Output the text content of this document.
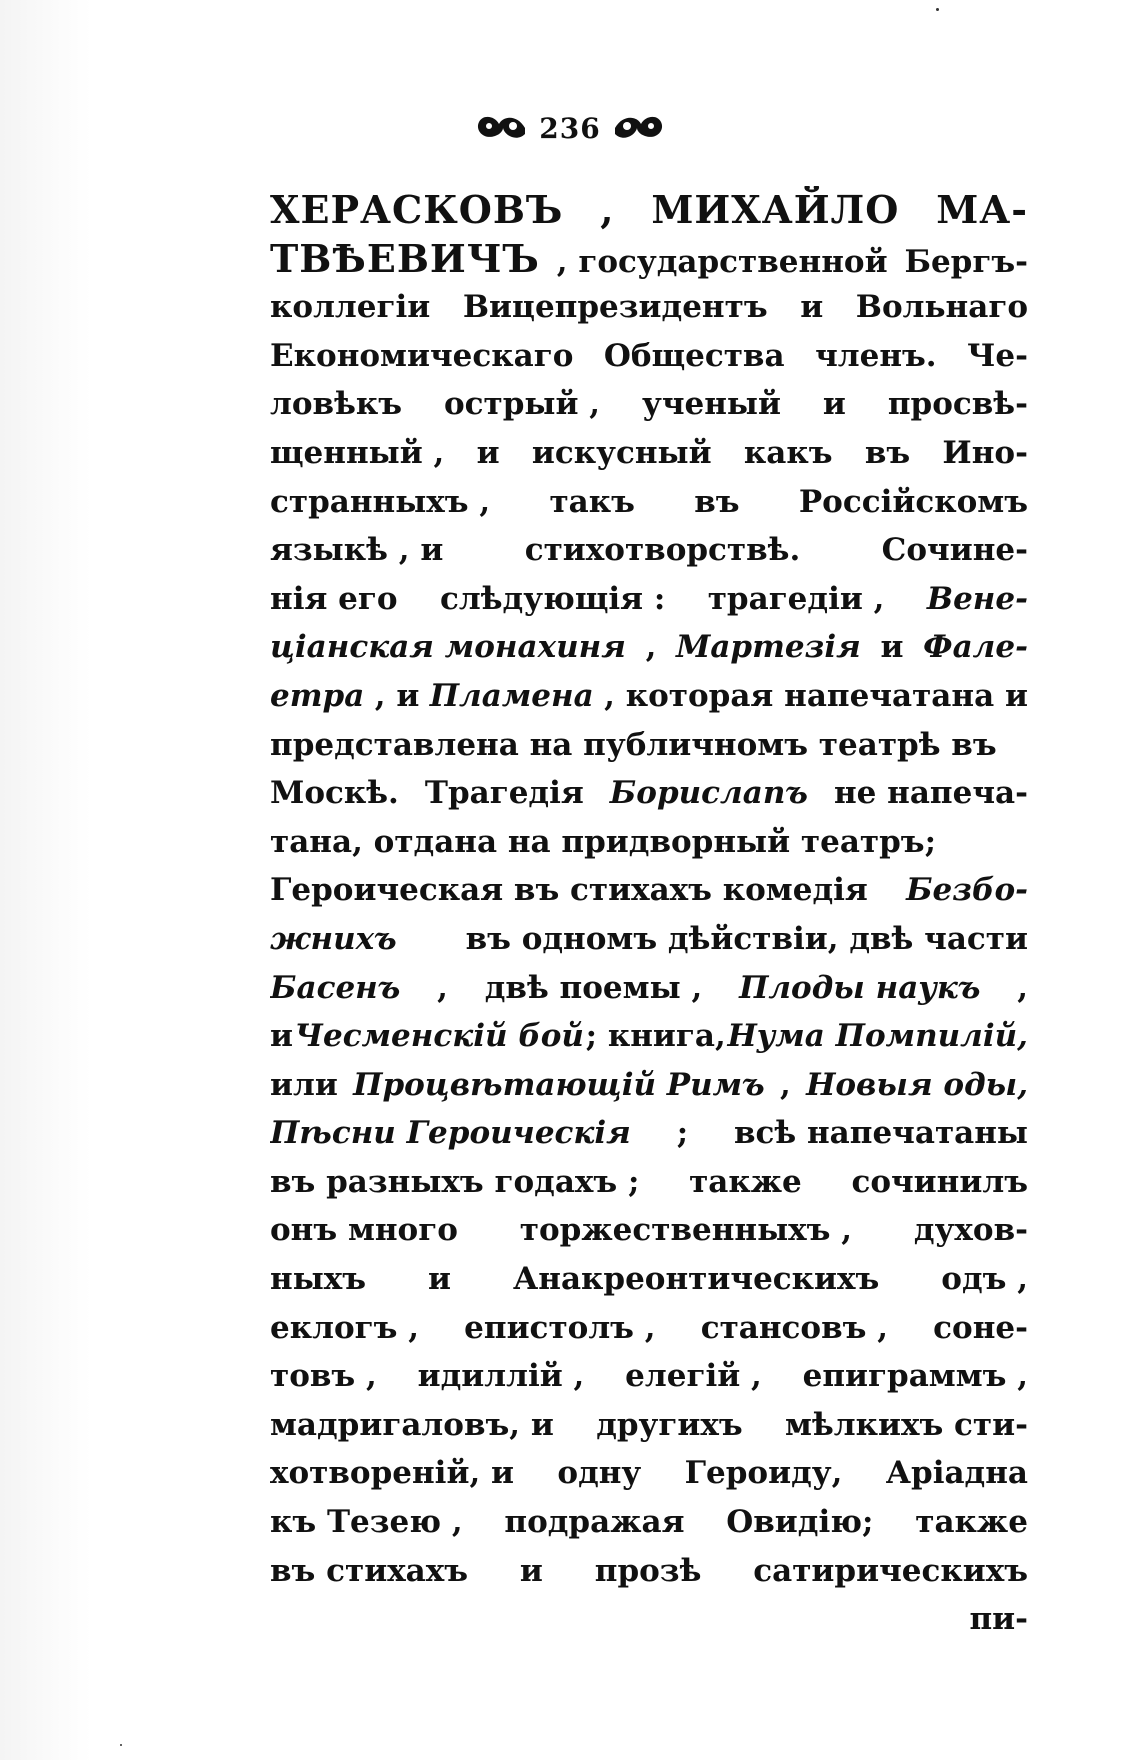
236
ХЕРАСКОВЪ , МИХАЙЛО МА-
ТВѢЕВИЧЪ , государственной Бергъ-
коллегіи Вицепрезидентъ и Вольнаго
Економическаго Общества членъ. Че-
ловѣкъ острый , ученый и просвѣ-
щенный , и искусный какъ въ Ино-
странныхъ , такъ въ Россійскомъ
языкѣ , и	стихотворствѣ.	Сочине-
нія его слѣдующія : трагедіи , Вене-
ціанская монахиня , Мартезія и Фале-
етра , и Пламена , которая напечатана и
представлена на публичномъ театрѣ въ
Москѣ. Трагедія Борислапъ не напеча-
тана, отдана на придворный театръ;
Героическая въ стихахъ комедія Безбо-
жниxъ въ одномъ дѣйствіи, двѣ части
Басенъ , двѣ поемы , Плоды наукъ ,
и Чесменскій бой ; книга, Нума Помпилій,
или Процвѣтающій Римъ , Новыя оды,
Пѣсни Героическія ; всѣ напечатаны
въ разныхъ годахъ ; также сочинилъ
онъ много торжественныхъ , духов-
ныхъ и Анакреонтическихъ одъ ,
еклогъ , епистолъ , стансовъ , соне-
товъ , идиллій , елегій , епиграммъ ,
мадригаловъ, и другихъ мѣлкихъ сти-
хотвореній, и одну Героиду, Аріадна
къ Тезею , подражая Овидію; также
въ стихахъ и прозѣ сатирическихъ
пи-
